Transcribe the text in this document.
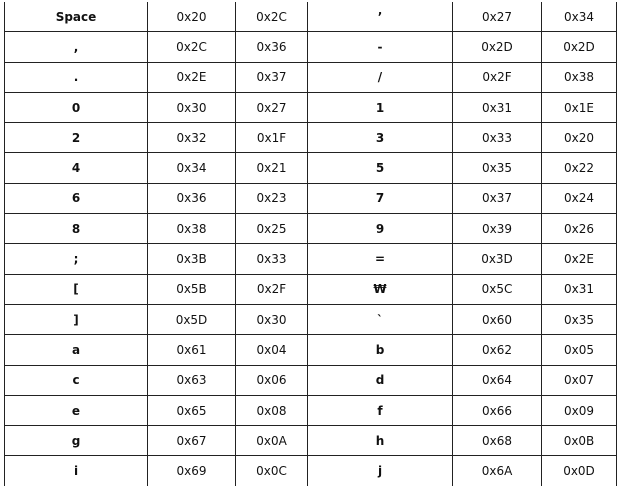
Space	0x20	0x2C	’	0x27	0x34
,	0x2C	0x36	-	0x2D	0x2D
.	0x2E	0x37	/	0x2F	0x38
0	0x30	0x27	1	0x31	0x1E
2	0x32	0x1F	3	0x33	0x20
4	0x34	0x21	5	0x35	0x22
6	0x36	0x23	7	0x37	0x24
8	0x38	0x25	9	0x39	0x26
;	0x3B	0x33	=	0x3D	0x2E
[	0x5B	0x2F	₩	0x5C	0x31
]	0x5D	0x30	`	0x60	0x35
a	0x61	0x04	b	0x62	0x05
c	0x63	0x06	d	0x64	0x07
e	0x65	0x08	f	0x66	0x09
g	0x67	0x0A	h	0x68	0x0B
i	0x69	0x0C	j	0x6A	0x0D
